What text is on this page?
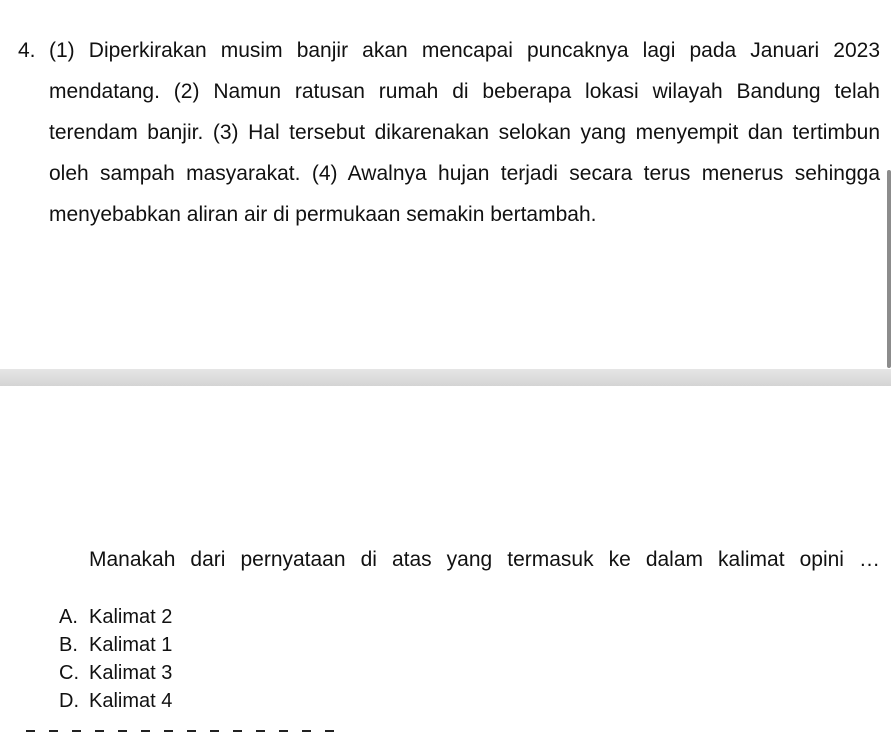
4. (1) Diperkirakan musim banjir akan mencapai puncaknya lagi pada Januari 2023 mendatang. (2) Namun ratusan rumah di beberapa lokasi wilayah Bandung telah terendam banjir. (3) Hal tersebut dikarenakan selokan yang menyempit dan tertimbun oleh sampah masyarakat. (4) Awalnya hujan terjadi secara terus menerus sehingga menyebabkan aliran air di permukaan semakin bertambah.
Manakah dari pernyataan di atas yang termasuk ke dalam kalimat opini …
A. Kalimat 2
B. Kalimat 1
C. Kalimat 3
D. Kalimat 4
